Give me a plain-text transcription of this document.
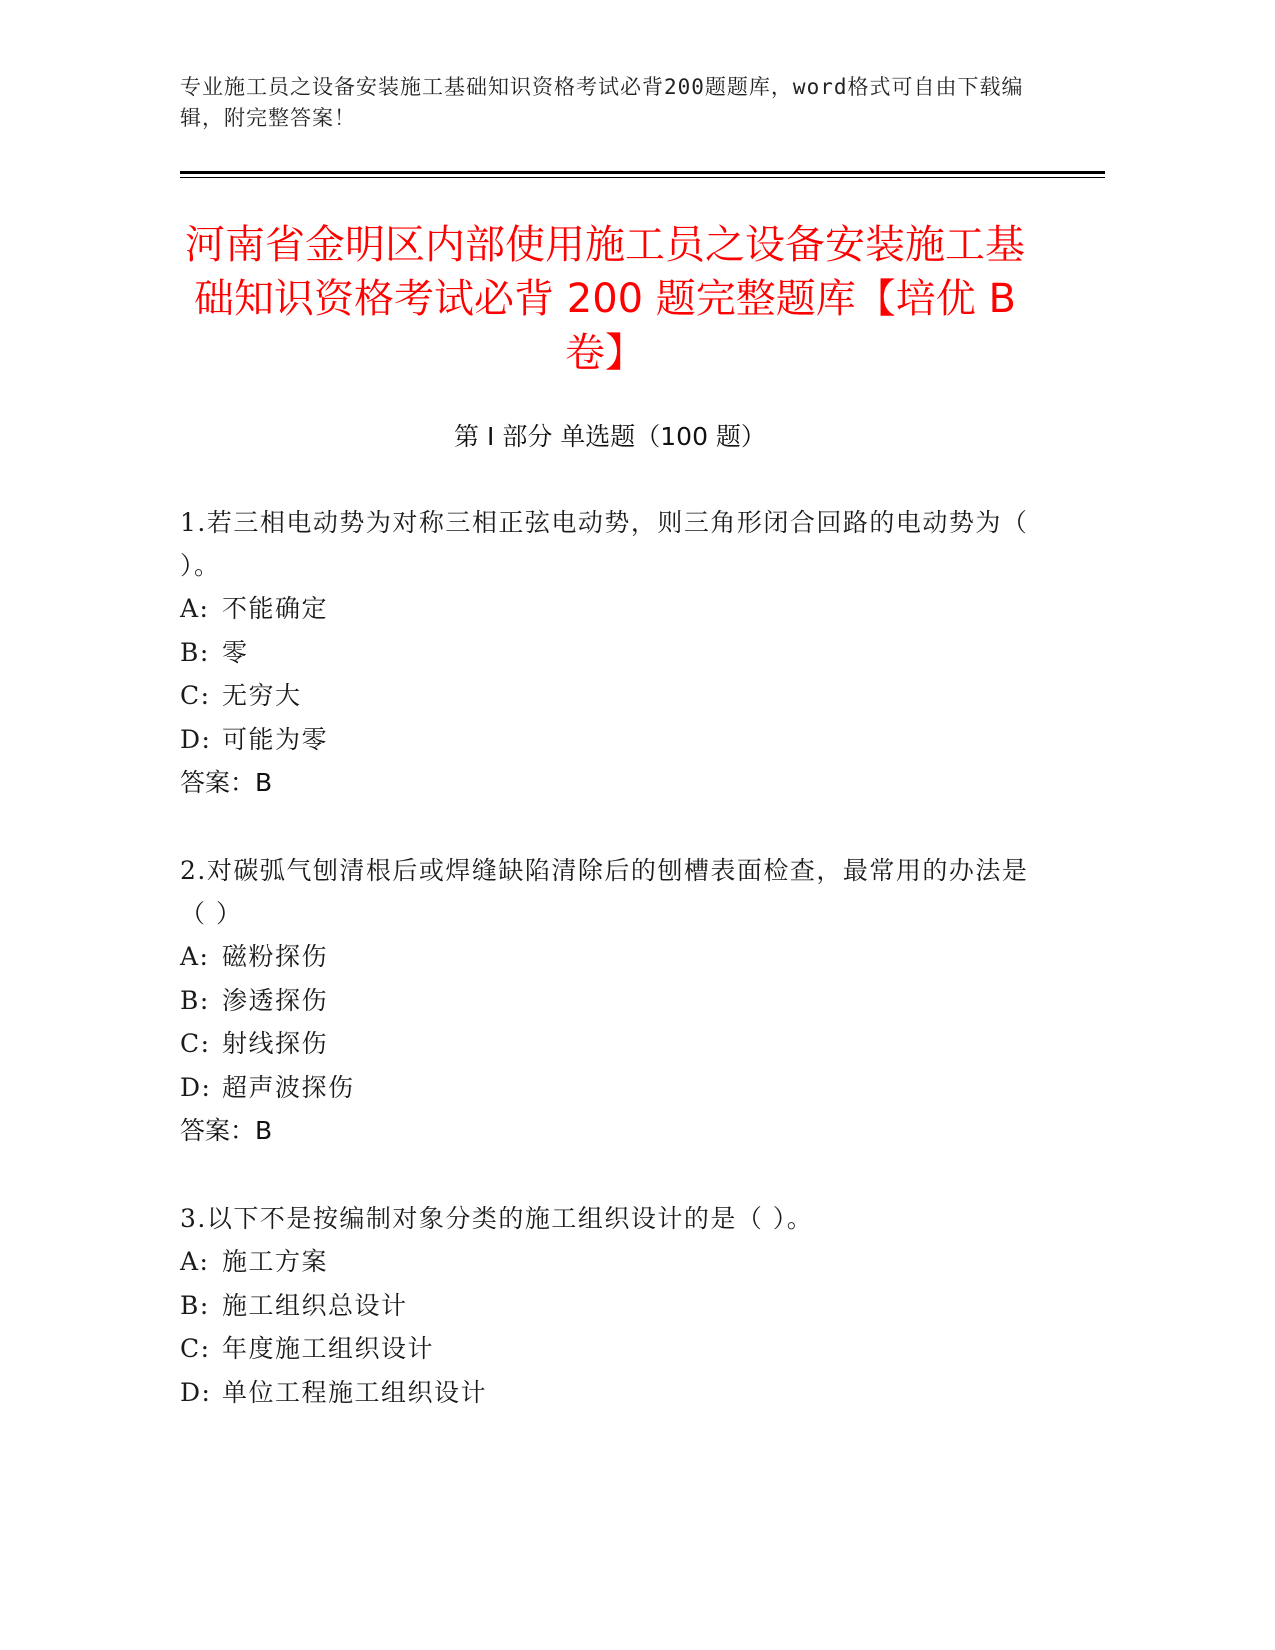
专业施工员之设备安装施工基础知识资格考试必背200题题库，word格式可自由下载编辑，附完整答案！
河南省金明区内部使用施工员之设备安装施工基础知识资格考试必背 200 题完整题库【培优 B 卷】
第 I 部分 单选题（100 题）
1.若三相电动势为对称三相正弦电动势，则三角形闭合回路的电动势为（ ）。
A: 不能确定
B: 零
C: 无穷大
D: 可能为零
答案：B
2.对碳弧气刨清根后或焊缝缺陷清除后的刨槽表面检查，最常用的办法是（ ）
A: 磁粉探伤
B: 渗透探伤
C: 射线探伤
D: 超声波探伤
答案：B
3.以下不是按编制对象分类的施工组织设计的是（ ）。
A: 施工方案
B: 施工组织总设计
C: 年度施工组织设计
D: 单位工程施工组织设计
